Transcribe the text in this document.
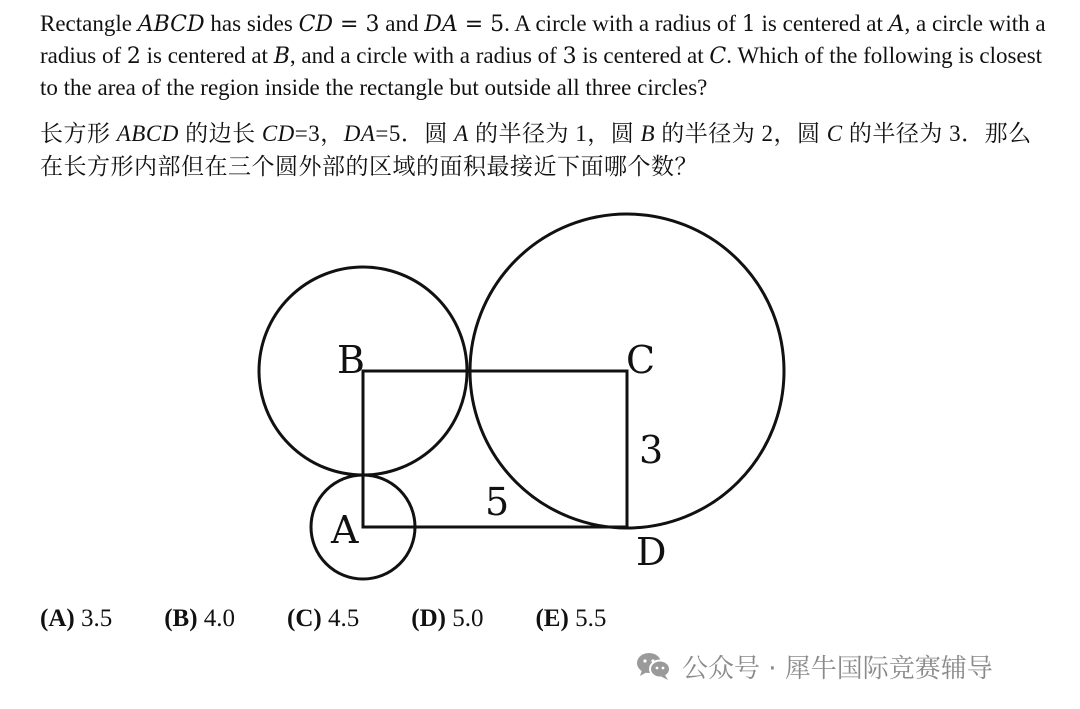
Rectangle ABCD has sides CD = 3 and DA = 5. A circle with a radius of 1 is centered at A, a circle with a radius of 2 is centered at B, and a circle with a radius of 3 is centered at C. Which of the following is closest to the area of the region inside the rectangle but outside all three circles?

长方形 ABCD 的边长 CD=3，DA=5．圆 A 的半径为 1，圆 B 的半径为 2，圆 C 的半径为 3．那么在长方形内部但在三个圆外部的区域的面积最接近下面哪个数？

A
B	C
D
5
3
(A) 3.5 (B) 4.0 (C) 4.5 (D) 5.0 (E) 5.5
公众号 · 犀牛国际竞赛辅导
